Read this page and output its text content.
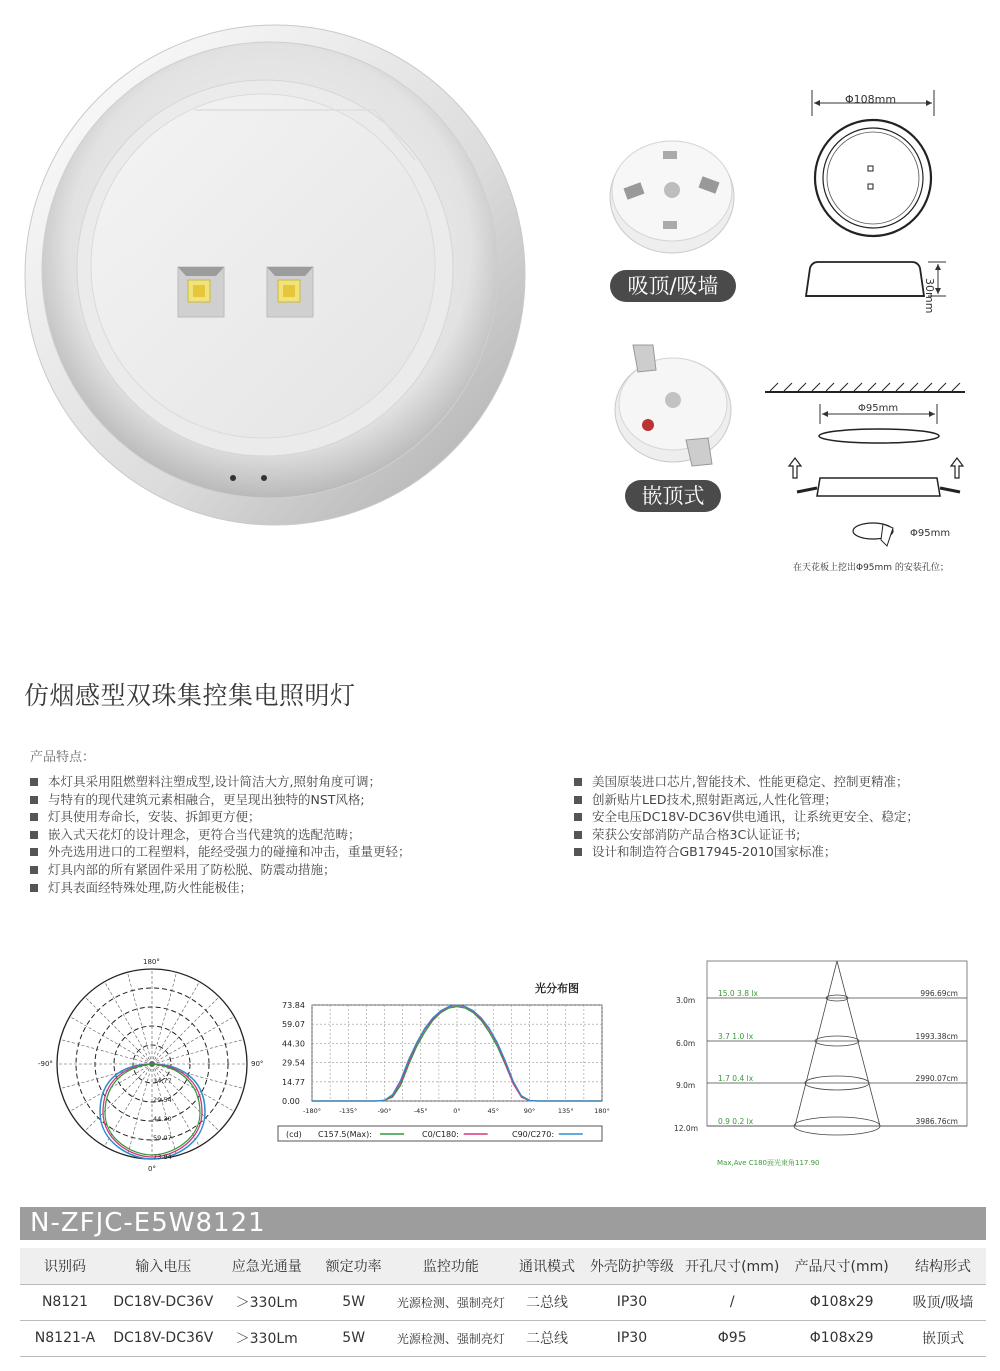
吸顶/吸墙
嵌顶式
Φ108mm
30mm
Φ95mm
Φ95mm
在天花板上挖出Φ95mm 的安装孔位；
仿烟感型双珠集控集电照明灯
产品特点：
本灯具采用阻燃塑料注塑成型,设计简洁大方,照射角度可调；
与特有的现代建筑元素相融合，更呈现出独特的NST风格;
灯具使用寿命长，安装、拆卸更方便；
嵌入式天花灯的设计理念，更符合当代建筑的选配范畴；
外壳选用进口的工程塑料，能经受强力的碰撞和冲击，重量更轻；
灯具内部的所有紧固件采用了防松脱、防震动措施；
灯具表面经特殊处理,防火性能极佳；
美国原装进口芯片,智能技术、性能更稳定、控制更精准；
创新贴片LED技术,照射距离远,人性化管理；
安全电压DC18V-DC36V供电通讯，让系统更安全、稳定；
荣获公安部消防产品合格3C认证证书;
设计和制造符合GB17945-2010国家标准；
180°
-90°	90°
0°
14.77
29.54
44.30
59.07
73.84
光分布图
73.84
59.07
44.30
29.54
14.77
0.00
-180°	-135°	-90°	-45°	0°	45°	90°	135°	180°
(cd) C157.5(Max):	C0/C180:	C90/C270:
3.0m
6.0m
9.0m
12.0m
15.0 3.8 lx
3.7 1.0 lx
1.7 0.4 lx
0.9 0.2 lx
996.69cm
1993.38cm
2990.07cm
3986.76cm
Max,Ave C180面光束角117.90
N-ZFJC-E5W8121
识别码	输入电压	应急光通量	额定功率	监控功能	通讯模式	外壳防护等级	开孔尺寸(mm)	产品尺寸(mm)	结构形式
N8121	DC18V-DC36V	＞330Lm	5W	光源检测、强制亮灯	二总线	IP30	/	Φ108x29	吸顶/吸墙
N8121-A	DC18V-DC36V	＞330Lm	5W	光源检测、强制亮灯	二总线	IP30	Φ95	Φ108x29	嵌顶式
